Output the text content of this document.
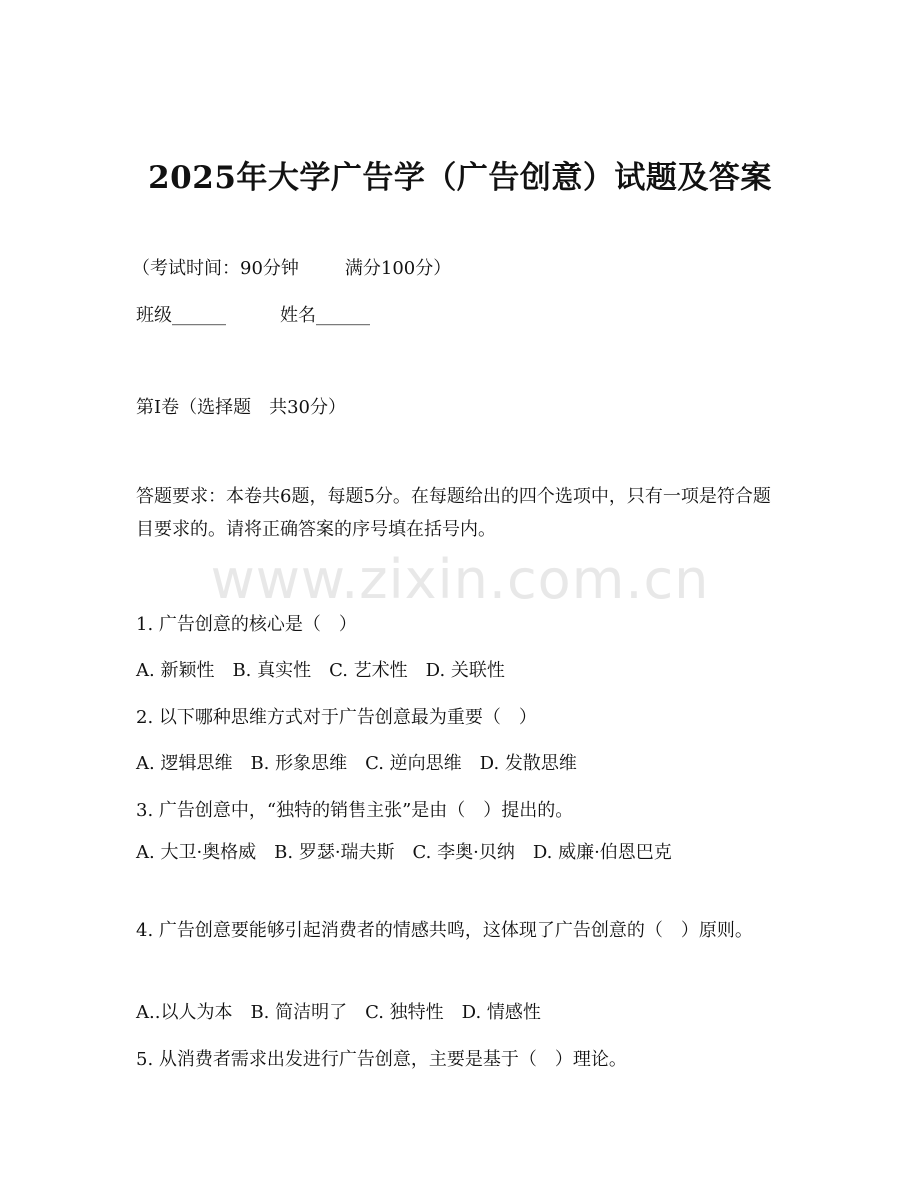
www.zixin.com.cn
2025年大学广告学（广告创意）试题及答案
（考试时间：90分钟	满分100分）
班级______	姓名______
第Ⅰ卷（选择题　共30分）
答题要求：本卷共6题，每题5分。在每题给出的四个选项中，只有一项是符合题目要求的。请将正确答案的序号填在括号内。
1. 广告创意的核心是（　）
A. 新颖性　B. 真实性　C. 艺术性　D. 关联性
2. 以下哪种思维方式对于广告创意最为重要（　）
A. 逻辑思维　B. 形象思维　C. 逆向思维　D. 发散思维
3. 广告创意中，“独特的销售主张”是由（　）提出的。
A. 大卫·奥格威　B. 罗瑟·瑞夫斯　C. 李奥·贝纳　D. 威廉·伯恩巴克
4. 广告创意要能够引起消费者的情感共鸣，这体现了广告创意的（　）原则。
A..以人为本　B. 简洁明了　C. 独特性　D. 情感性
5. 从消费者需求出发进行广告创意，主要是基于（　）理论。
